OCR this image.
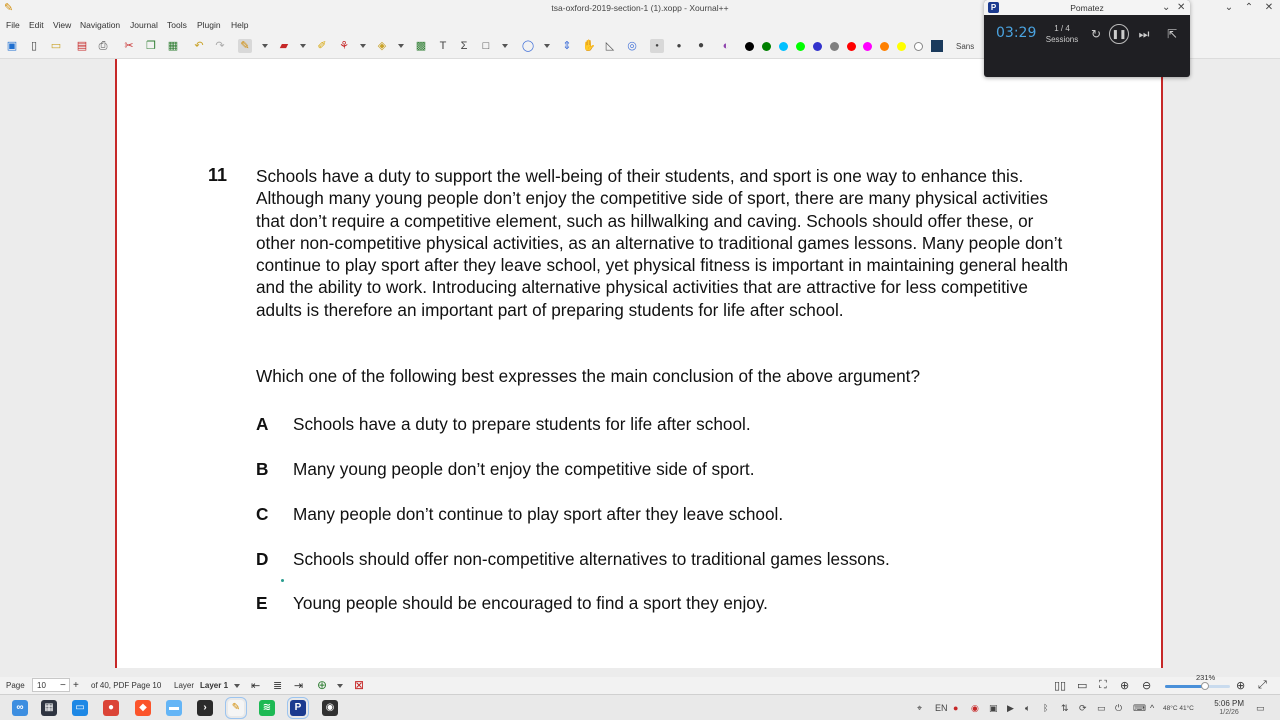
✎	tsa-oxford-2019-section-1 (1).xopp - Xournal++	⌄ ⌃ ✕
File Edit View Navigation Journal Tools Plugin Help
▣	▯	▭ ▤ ⎙ ✂ ❐ ▦ ↶ ↷ ✎	▰	✐ ⚘	◈	▩	T	Σ	□	◯	⇕ ✋ ◺ ◎	●	●	●	◐	Sans
11 Schools have a duty to support the well-being of their students, and sport is one way to enhance this. Although many young people don’t enjoy the competitive side of sport, there are many physical activities that don’t require a competitive element, such as hillwalking and caving. Schools should offer these, or other non-competitive physical activities, as an alternative to traditional games lessons. Many people don’t continue to play sport after they leave school, yet physical fitness is important in maintaining general health and the ability to work. Introducing alternative physical activities that are attractive for less competitive adults is therefore an important part of preparing students for life after school.
Which one of the following best expresses the main conclusion of the above argument?
A Schools have a duty to prepare students for life after school.
B Many young people don’t enjoy the competitive side of sport.
C Many people don’t continue to play sport after they leave school.
D Schools should offer non-competitive alternatives to traditional games lessons.
E Young people should be encouraged to find a sport they enjoy.
P	Pomatez	⌄ ✕
03:29	1 / 4
Sessions	↻	❚❚ ⏭ ⇱
Page
10	− + of 40, PDF Page 10 Layer Layer 1 ⇤ ≣ ⇥ ⊕ ⊠	▯▯ ▭ ⛶ ⊕ ⊖
231%
⊕ ⤢
∞	▦	▭	●	◆	▬	›	✎	≋	P	◉	⌖ EN ● ◉ ▣ ▶ 🔈︎ ᛒ ⇅ ⟳ ▭ ⏻ ⌨ ^ 48°C 41°C
5:06 PM
1/2/26	▭
